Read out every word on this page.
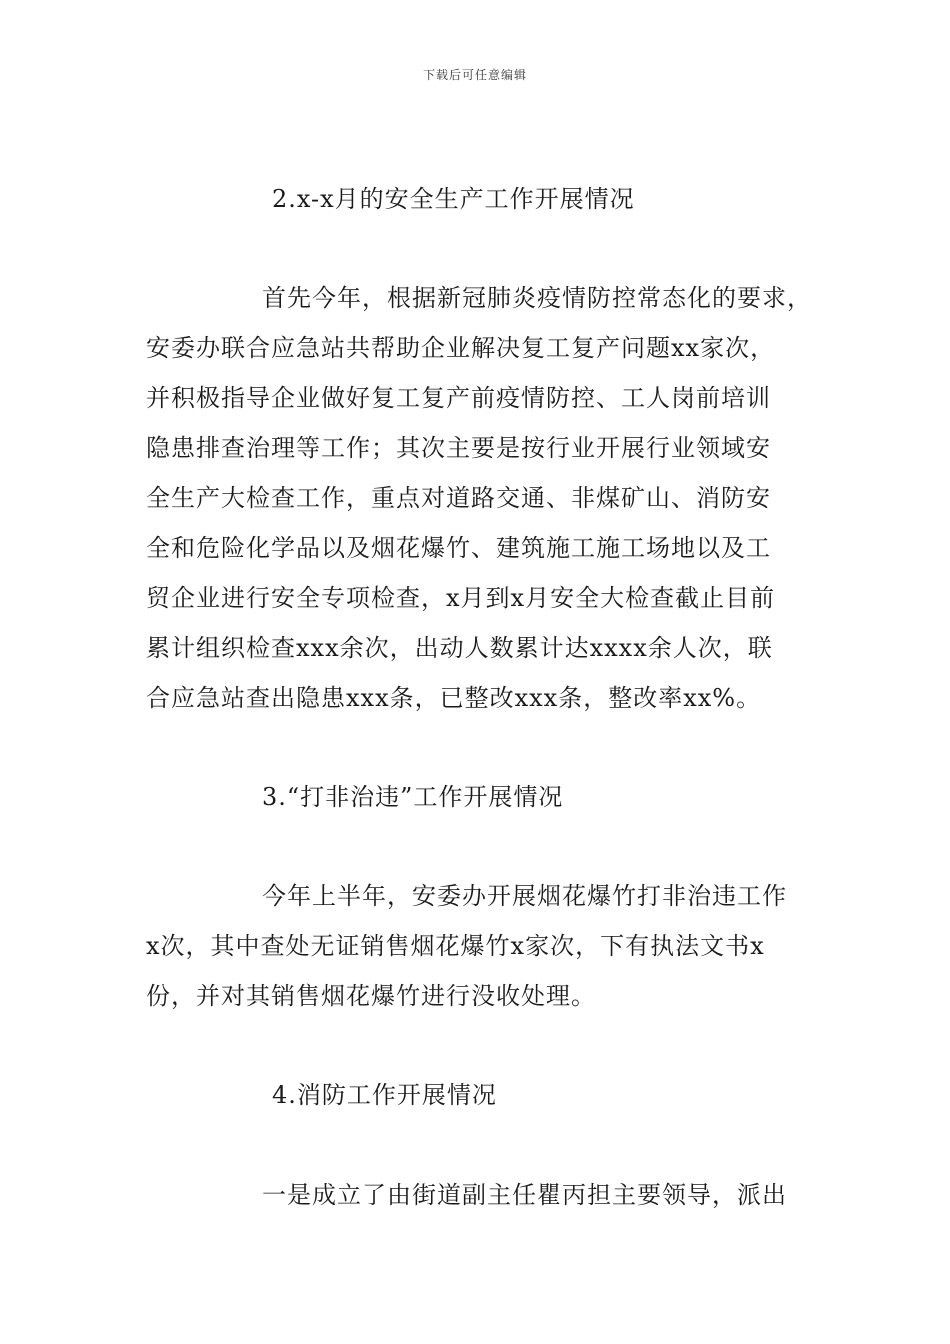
下载后可任意编辑
2.x-x月的安全生产工作开展情况
首先今年，根据新冠肺炎疫情防控常态化的要求，
安委办联合应急站共帮助企业解决复工复产问题xx家次，
并积极指导企业做好复工复产前疫情防控、工人岗前培训
隐患排查治理等工作；其次主要是按行业开展行业领域安
全生产大检查工作，重点对道路交通、非煤矿山、消防安
全和危险化学品以及烟花爆竹、建筑施工施工场地以及工
贸企业进行安全专项检查，x月到x月安全大检查截止目前
累计组织检查xxx余次，出动人数累计达xxxx余人次，联
合应急站查出隐患xxx条，已整改xxx条，整改率xx%。
3.“打非治违”工作开展情况
今年上半年，安委办开展烟花爆竹打非治违工作
x次，其中查处无证销售烟花爆竹x家次，下有执法文书x
份，并对其销售烟花爆竹进行没收处理。
4.消防工作开展情况
一是成立了由街道副主任瞿丙担主要领导，派出
